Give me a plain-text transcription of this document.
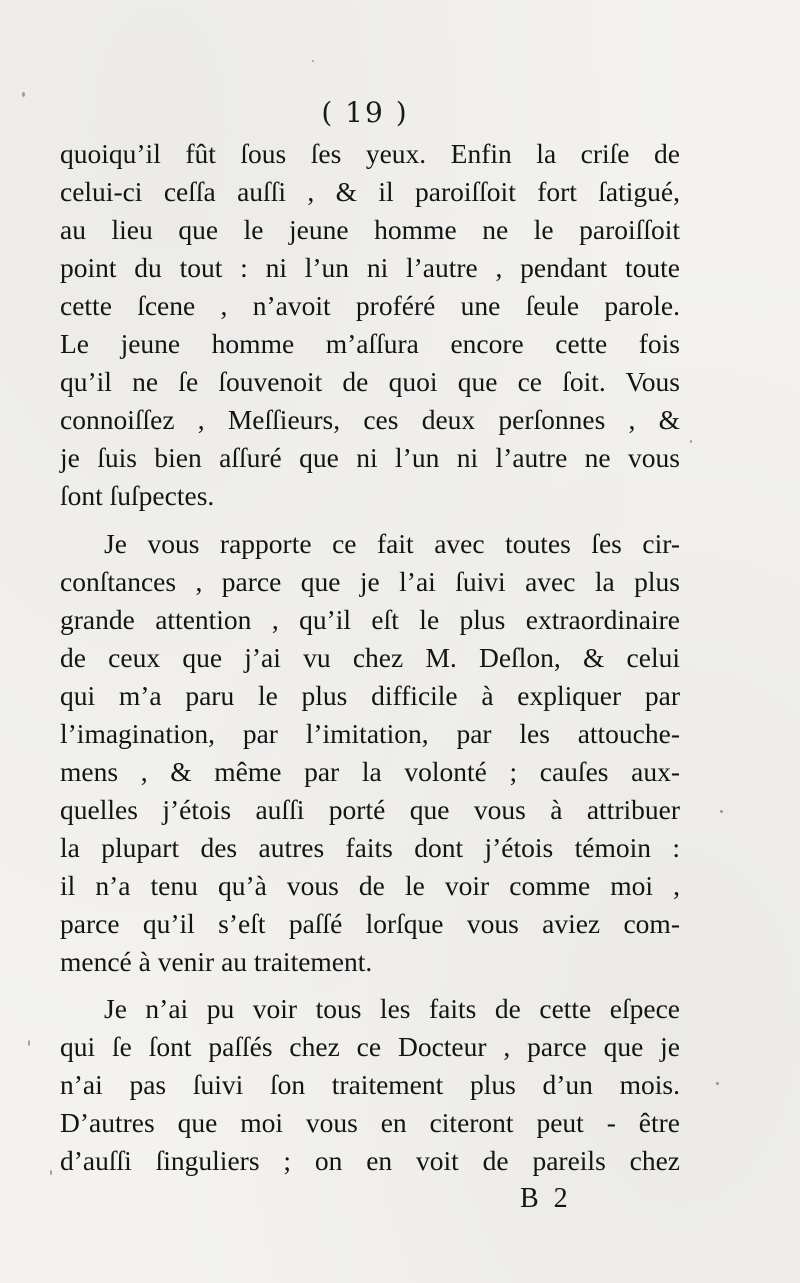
( 19 )
quoiqu’il fût ſous ſes yeux. Enfin la criſe de
celui-ci ceſſa auſſi , & il paroiſſoit fort ſatigué,
au lieu que le jeune homme ne le paroiſſoit
point du tout : ni l’un ni l’autre , pendant toute
cette ſcene , n’avoit proféré une ſeule parole.
Le jeune homme m’aſſura encore cette fois
qu’il ne ſe ſouvenoit de quoi que ce ſoit. Vous
connoiſſez , Meſſieurs, ces deux perſonnes , &
je ſuis bien aſſuré que ni l’un ni l’autre ne vous
ſont ſuſpectes.
Je vous rapporte ce fait avec toutes ſes cir-
conſtances , parce que je l’ai ſuivi avec la plus
grande attention , qu’il eſt le plus extraordinaire
de ceux que j’ai vu chez M. Deſlon, & celui
qui m’a paru le plus difficile à expliquer par
l’imagination, par l’imitation, par les attouche-
mens , & même par la volonté ; cauſes aux-
quelles j’étois auſſi porté que vous à attribuer
la plupart des autres faits dont j’étois témoin :
il n’a tenu qu’à vous de le voir comme moi ,
parce qu’il s’eſt paſſé lorſque vous aviez com-
mencé à venir au traitement.
Je n’ai pu voir tous les faits de cette eſpece
qui ſe ſont paſſés chez ce Docteur , parce que je
n’ai pas ſuivi ſon traitement plus d’un mois.
D’autres que moi vous en citeront peut - être
d’auſſi ſinguliers ; on en voit de pareils chez
B 2
